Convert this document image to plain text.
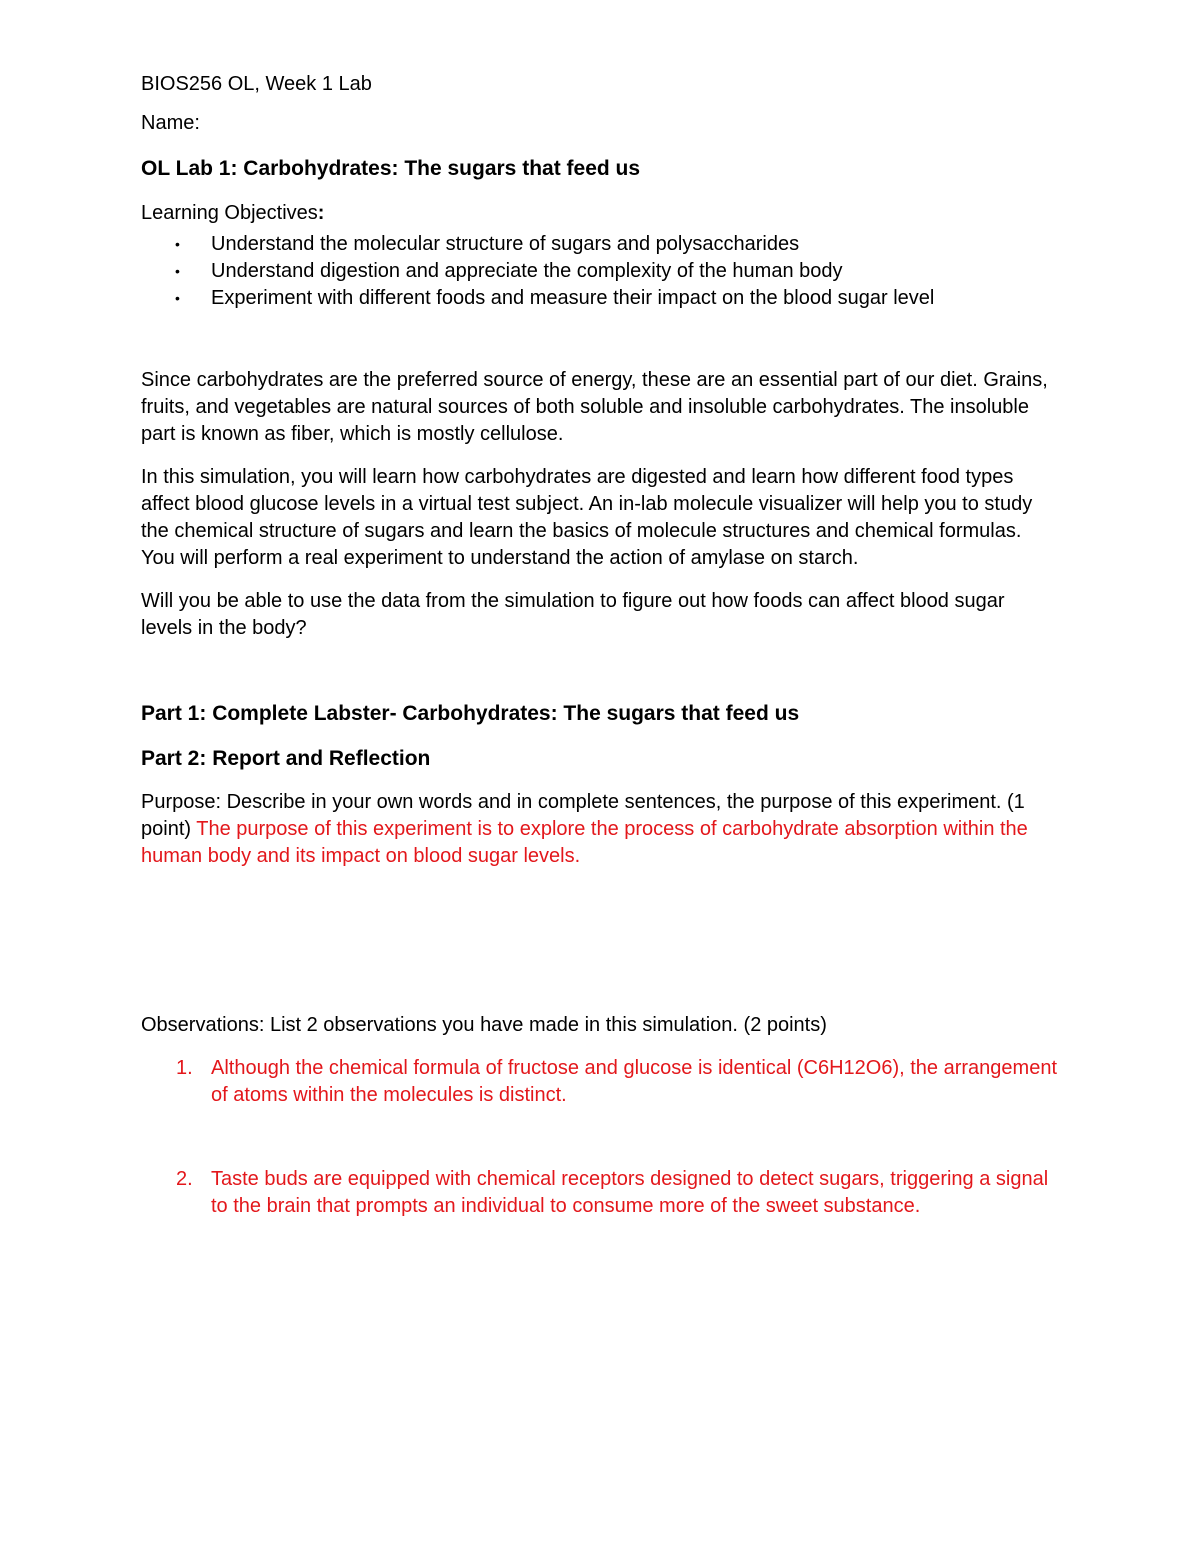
BIOS256 OL, Week 1 Lab

Name:

OL Lab 1: Carbohydrates: The sugars that feed us

Learning Objectives:

• Understand the molecular structure of sugars and polysaccharides
• Understand digestion and appreciate the complexity of the human body
• Experiment with different foods and measure their impact on the blood sugar level

Since carbohydrates are the preferred source of energy, these are an essential part of our diet. Grains, fruits, and vegetables are natural sources of both soluble and insoluble carbohydrates. The insoluble part is known as fiber, which is mostly cellulose.

In this simulation, you will learn how carbohydrates are digested and learn how different food types affect blood glucose levels in a virtual test subject. An in-lab molecule visualizer will help you to study the chemical structure of sugars and learn the basics of molecule structures and chemical formulas. You will perform a real experiment to understand the action of amylase on starch.

Will you be able to use the data from the simulation to figure out how foods can affect blood sugar levels in the body?

Part 1: Complete Labster- Carbohydrates: The sugars that feed us
Part 2: Report and Reflection

Purpose: Describe in your own words and in complete sentences, the purpose of this experiment. (1 point) The purpose of this experiment is to explore the process of carbohydrate absorption within the human body and its impact on blood sugar levels.

Observations: List 2 observations you have made in this simulation. (2 points)

1. Although the chemical formula of fructose and glucose is identical (C6H12O6), the arrangement of atoms within the molecules is distinct.
2. Taste buds are equipped with chemical receptors designed to detect sugars, triggering a signal to the brain that prompts an individual to consume more of the sweet substance.
